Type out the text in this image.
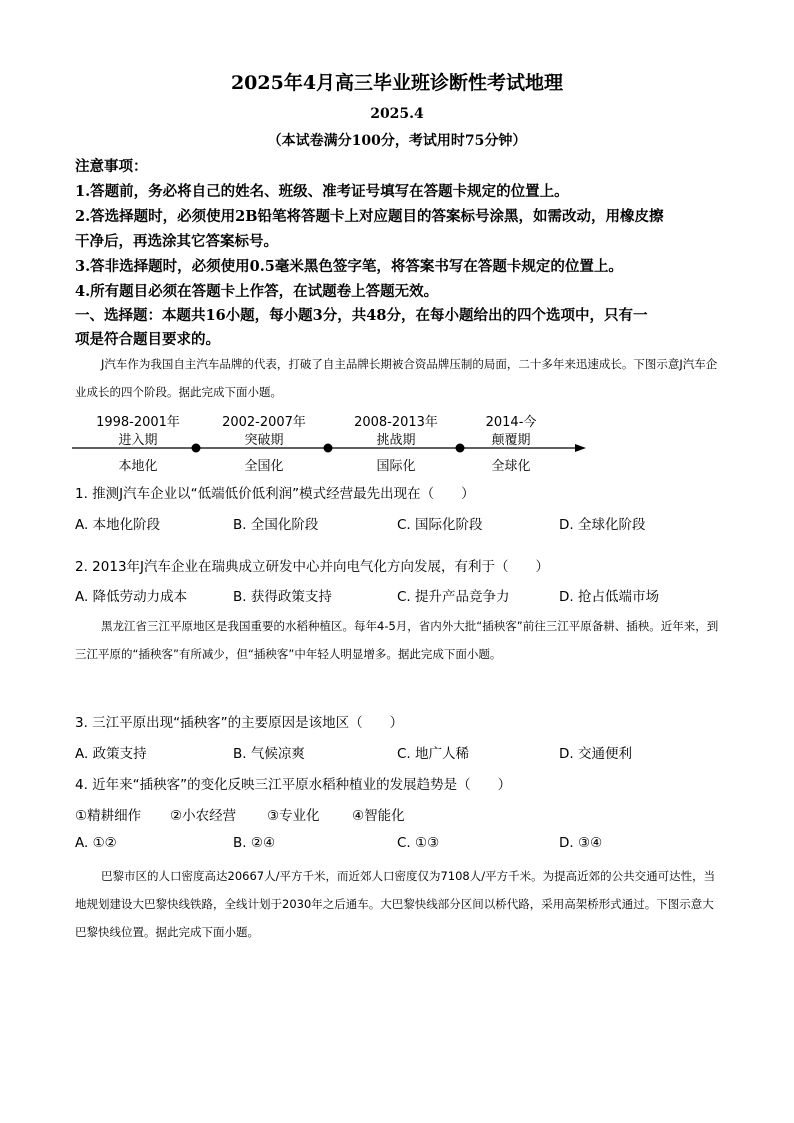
2025年4月高三毕业班诊断性考试地理
2025.4
（本试卷满分100分，考试用时75分钟）
注意事项：
1.答题前，务必将自己的姓名、班级、准考证号填写在答题卡规定的位置上。
2.答选择题时，必须使用2B铅笔将答题卡上对应题目的答案标号涂黑，如需改动，用橡皮擦
干净后，再选涂其它答案标号。
3.答非选择题时，必须使用0.5毫米黑色签字笔，将答案书写在答题卡规定的位置上。
4.所有题目必须在答题卡上作答，在试题卷上答题无效。
一、选择题：本题共16小题，每小题3分，共48分，在每小题给出的四个选项中，只有一
项是符合题目要求的。
J汽车作为我国自主汽车品牌的代表，打破了自主品牌长期被合资品牌压制的局面，二十多年来迅速成长。下图示意J汽车企业成长的四个阶段。据此完成下面小题。
1998-2001年
进入期
本地化
2002-2007年
突破期
全国化
2008-2013年
挑战期
国际化
2014-今
颠覆期
全球化
1. 推测J汽车企业以“低端低价低利润”模式经营最先出现在（　　）
A. 本地化阶段	B. 全国化阶段	C. 国际化阶段	D. 全球化阶段
2. 2013年J汽车企业在瑞典成立研发中心并向电气化方向发展，有利于（　　）
A. 降低劳动力成本	B. 获得政策支持	C. 提升产品竞争力	D. 抢占低端市场
黑龙江省三江平原地区是我国重要的水稻种植区。每年4-5月，省内外大批“插秧客”前往三江平原备耕、插秧。近年来，到三江平原的“插秧客”有所减少，但“插秧客”中年轻人明显增多。据此完成下面小题。
3. 三江平原出现“插秧客”的主要原因是该地区（　　）
A. 政策支持	B. 气候凉爽	C. 地广人稀	D. 交通便利
4. 近年来“插秧客”的变化反映三江平原水稻种植业的发展趋势是（　　）
①精耕细作 ②小农经营 ③专业化 ④智能化
A. ①②	B. ②④	C. ①③	D. ③④
巴黎市区的人口密度高达20667人/平方千米，而近郊人口密度仅为7108人/平方千米。为提高近郊的公共交通可达性，当地规划建设大巴黎快线铁路，全线计划于2030年之后通车。大巴黎快线部分区间以桥代路，采用高架桥形式通过。下图示意大巴黎快线位置。据此完成下面小题。
